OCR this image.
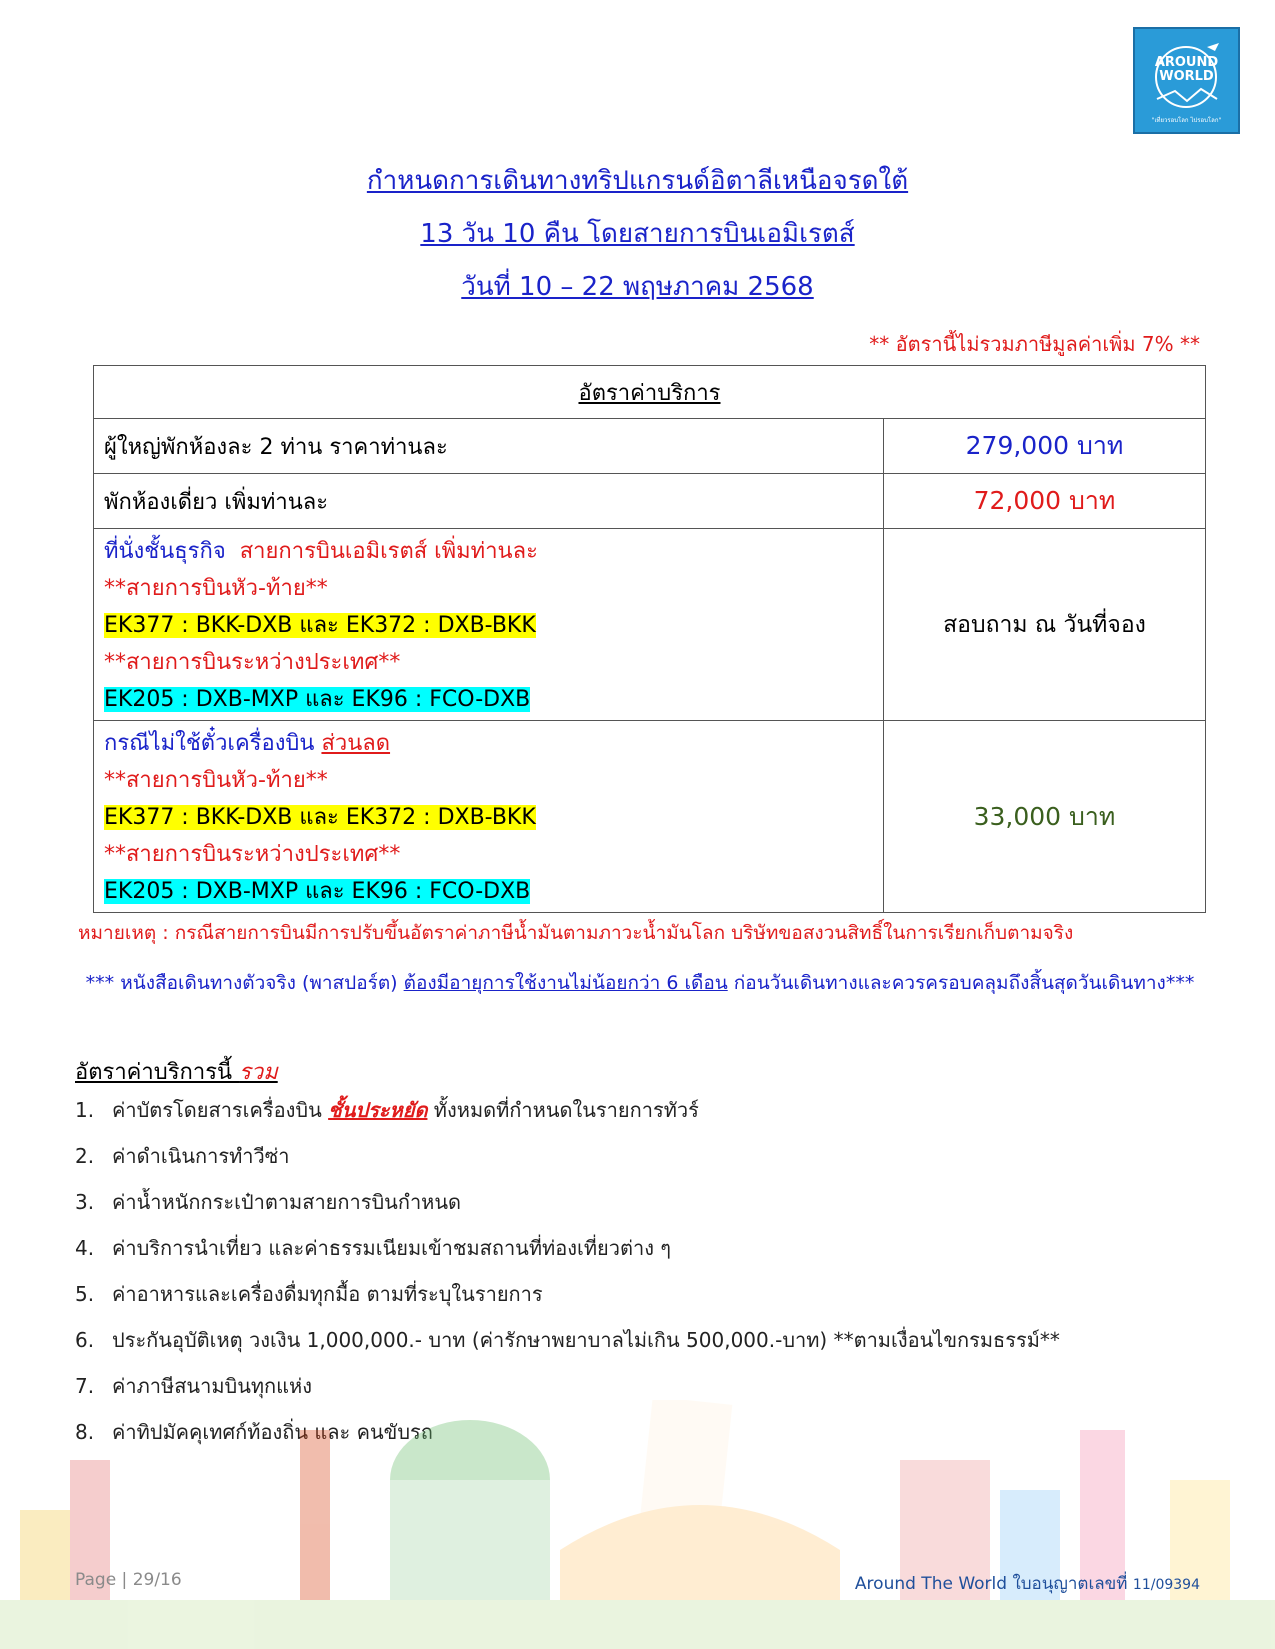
AROUND
WORLD
"เที่ยวรอบโลก ไปรอบโลก"
กำหนดการเดินทางทริปแกรนด์อิตาลีเหนือจรดใต้
13 วัน 10 คืน โดยสายการบินเอมิเรตส์
วันที่ 10 – 22 พฤษภาคม 2568
** อัตรานี้ไม่รวมภาษีมูลค่าเพิ่ม 7% **
อัตราค่าบริการ	
ผู้ใหญ่พักห้องละ 2 ท่าน ราคาท่านละ	279,000 บาท
พักห้องเดี่ยว เพิ่มท่านละ	72,000 บาท

ที่นั่งชั้นธุรกิจ สายการบินเอมิเรตส์ เพิ่มท่านละ
**สายการบินหัว-ท้าย**
EK377 : BKK-DXB และ EK372 : DXB-BKK
**สายการบินระหว่างประเทศ**
EK205 : DXB-MXP และ EK96 : FCO-DXB	สอบถาม ณ วันที่จอง

กรณีไม่ใช้ตั๋วเครื่องบิน ส่วนลด
**สายการบินหัว-ท้าย**
EK377 : BKK-DXB และ EK372 : DXB-BKK
**สายการบินระหว่างประเทศ**
EK205 : DXB-MXP และ EK96 : FCO-DXB	33,000 บาท
หมายเหตุ : กรณีสายการบินมีการปรับขึ้นอัตราค่าภาษีน้ำมันตามภาวะน้ำมันโลก บริษัทขอสงวนสิทธิ์ในการเรียกเก็บตามจริง
*** หนังสือเดินทางตัวจริง (พาสปอร์ต) ต้องมีอายุการใช้งานไม่น้อยกว่า 6 เดือน ก่อนวันเดินทางและควรครอบคลุมถึงสิ้นสุดวันเดินทาง***
อัตราค่าบริการนี้ รวม
1. ค่าบัตรโดยสารเครื่องบิน ชั้นประหยัด ทั้งหมดที่กำหนดในรายการทัวร์
2. ค่าดำเนินการทำวีซ่า
3. ค่าน้ำหนักกระเป๋าตามสายการบินกำหนด
4. ค่าบริการนำเที่ยว และค่าธรรมเนียมเข้าชมสถานที่ท่องเที่ยวต่าง ๆ
5. ค่าอาหารและเครื่องดื่มทุกมื้อ ตามที่ระบุในรายการ
6. ประกันอุบัติเหตุ วงเงิน 1,000,000.- บาท (ค่ารักษาพยาบาลไม่เกิน 500,000.-บาท) **ตามเงื่อนไขกรมธรรม์**
7. ค่าภาษีสนามบินทุกแห่ง
8. ค่าทิปมัคคุเทศก์ท้องถิ่น และ คนขับรถ
Page | 29/16	Around The World ใบอนุญาตเลขที่ 11/09394
